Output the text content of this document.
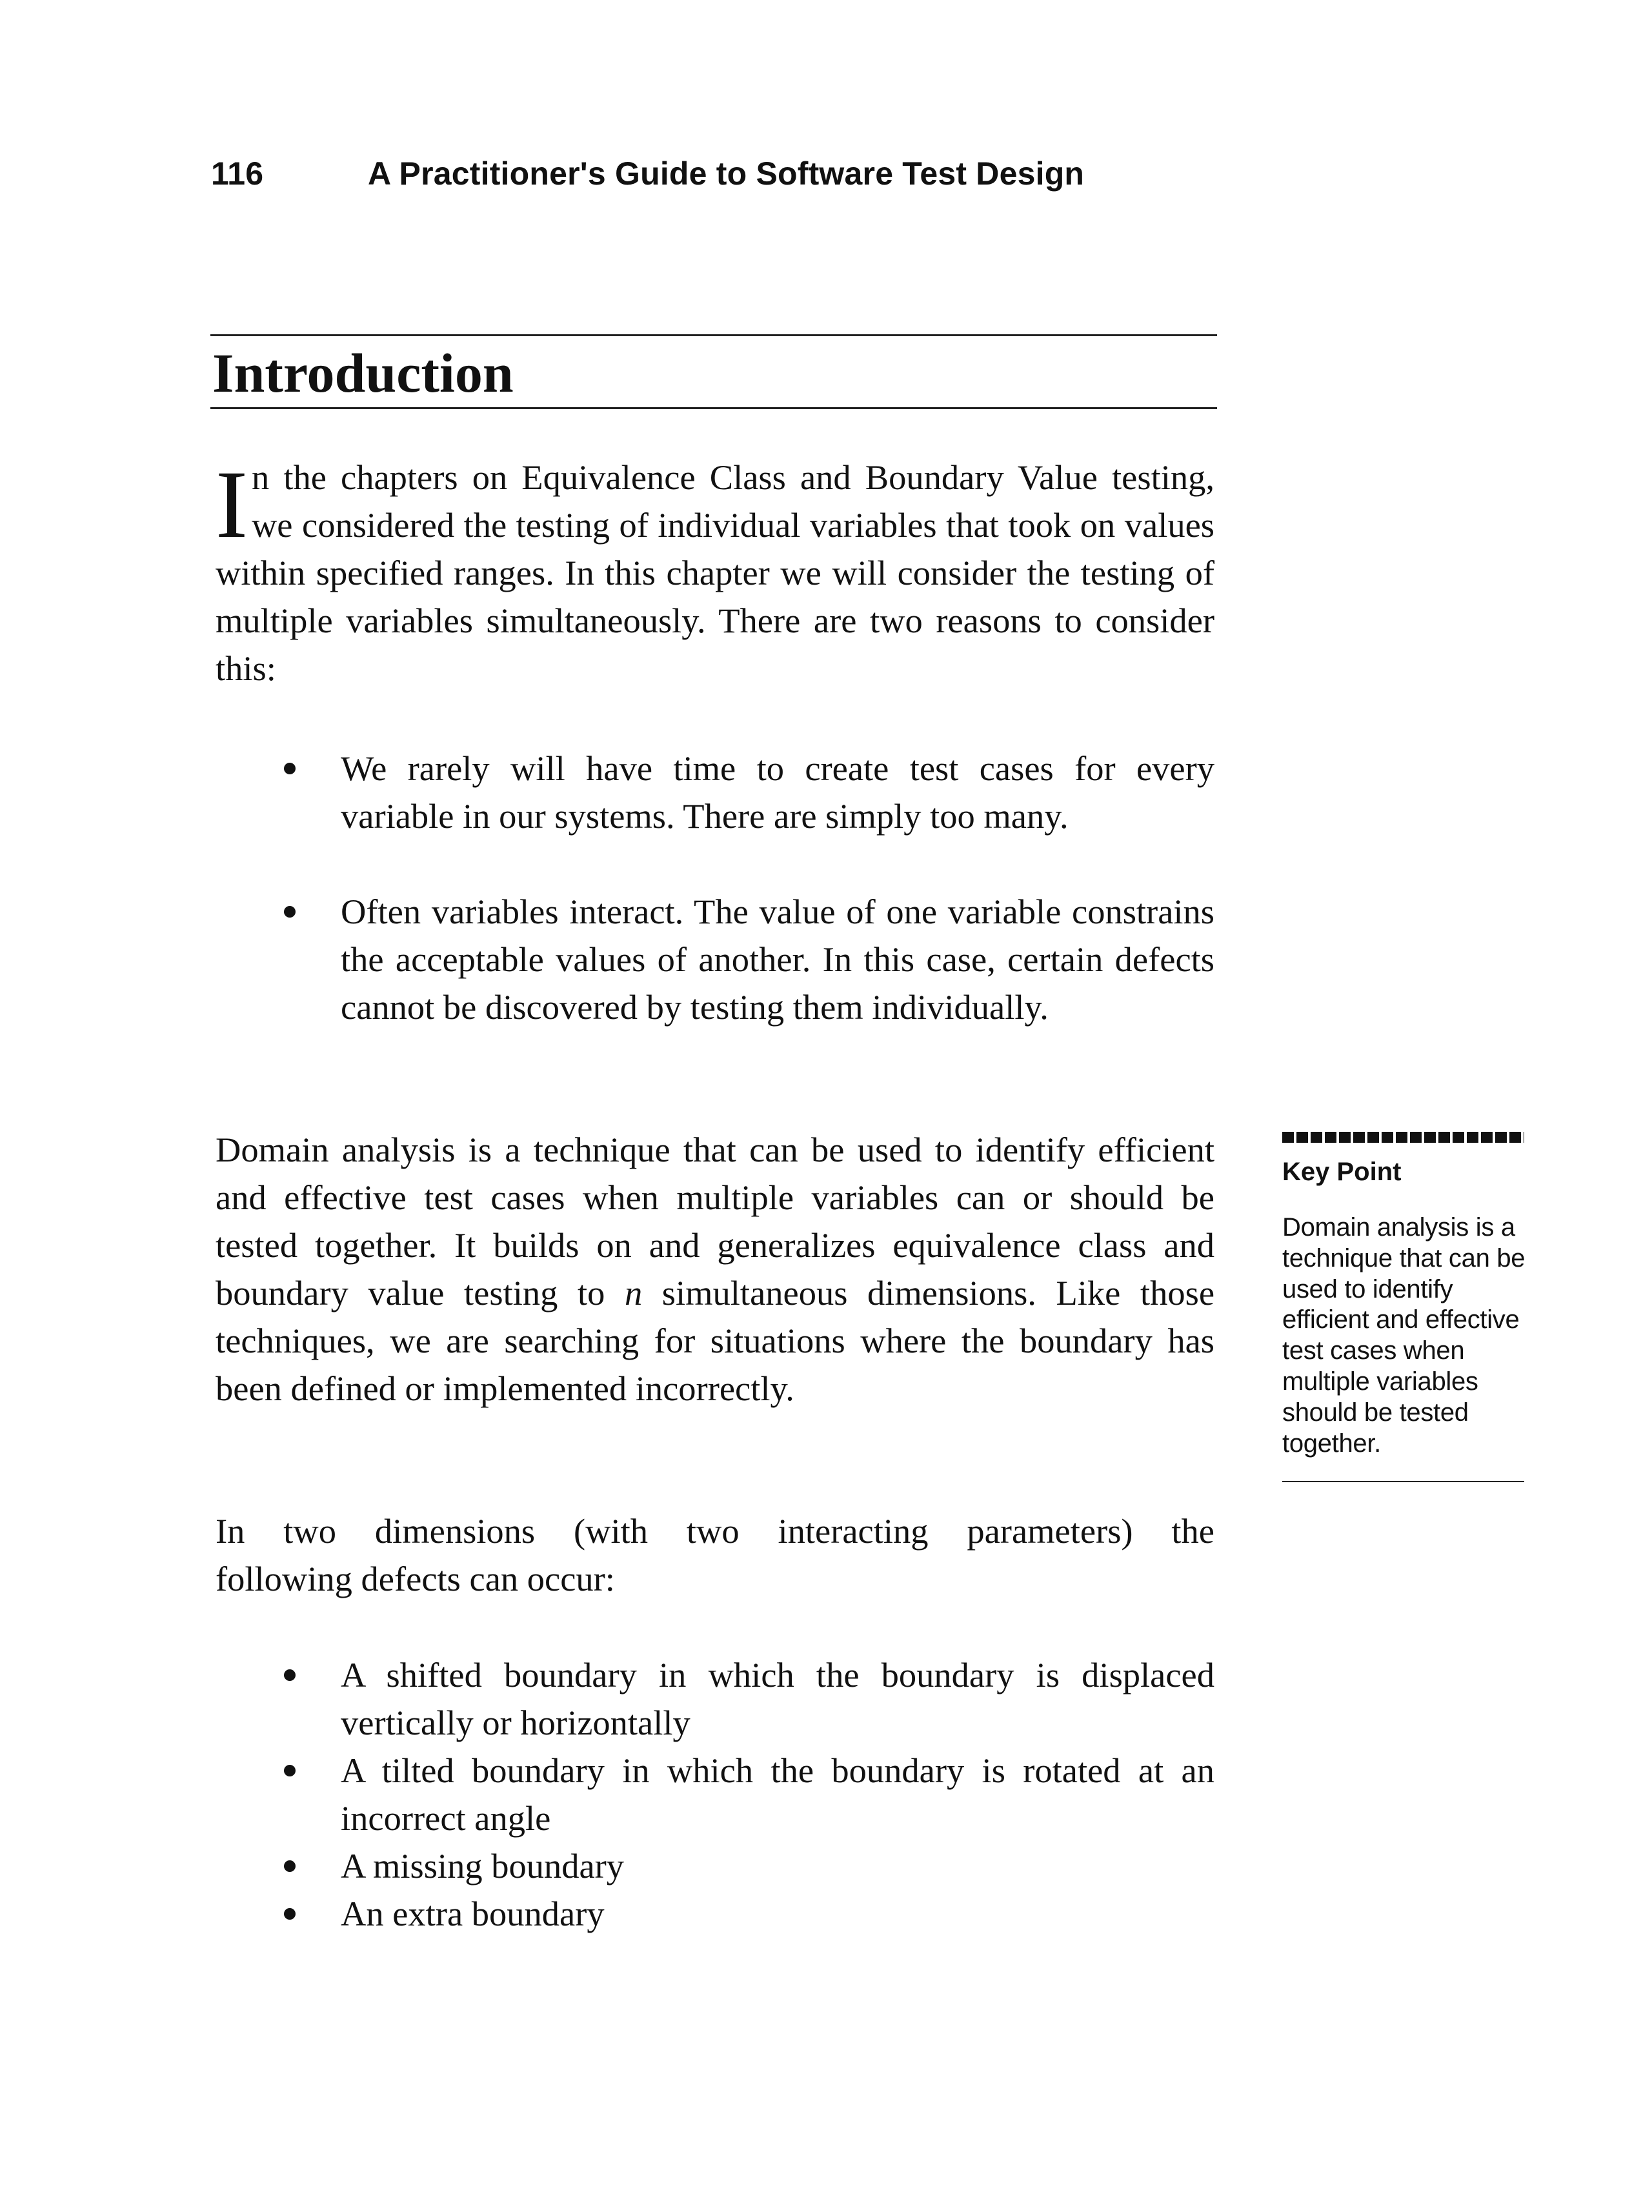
116	A Practitioner's Guide to Software Test Design
Introduction

In the chapters on Equivalence Class and Boundary Value testing, we considered the testing of individual variables that took on values within specified ranges. In this chapter we will consider the testing of multiple variables simultaneously. There are two reasons to consider this:

We rarely will have time to create test cases for every variable in our systems. There are simply too many.
Often variables interact. The value of one variable constrains the acceptable values of another. In this case, certain defects cannot be discovered by testing them individually.

Domain analysis is a technique that can be used to identify efficient and effective test cases when multiple variables can or should be tested together. It builds on and generalizes equivalence class and boundary value testing to n simultaneous dimensions. Like those techniques, we are searching for situations where the boundary has been defined or implemented incorrectly.

In two dimensions (with two interacting parameters) the
following defects can occur:
A shifted boundary in which the boundary is displaced vertically or horizontally
A tilted boundary in which the boundary is rotated at an incorrect angle
A missing boundary
An extra boundary
Key Point
Domain analysis is a technique that can be used to identify efficient and effective test cases when multiple variables should be tested together.
